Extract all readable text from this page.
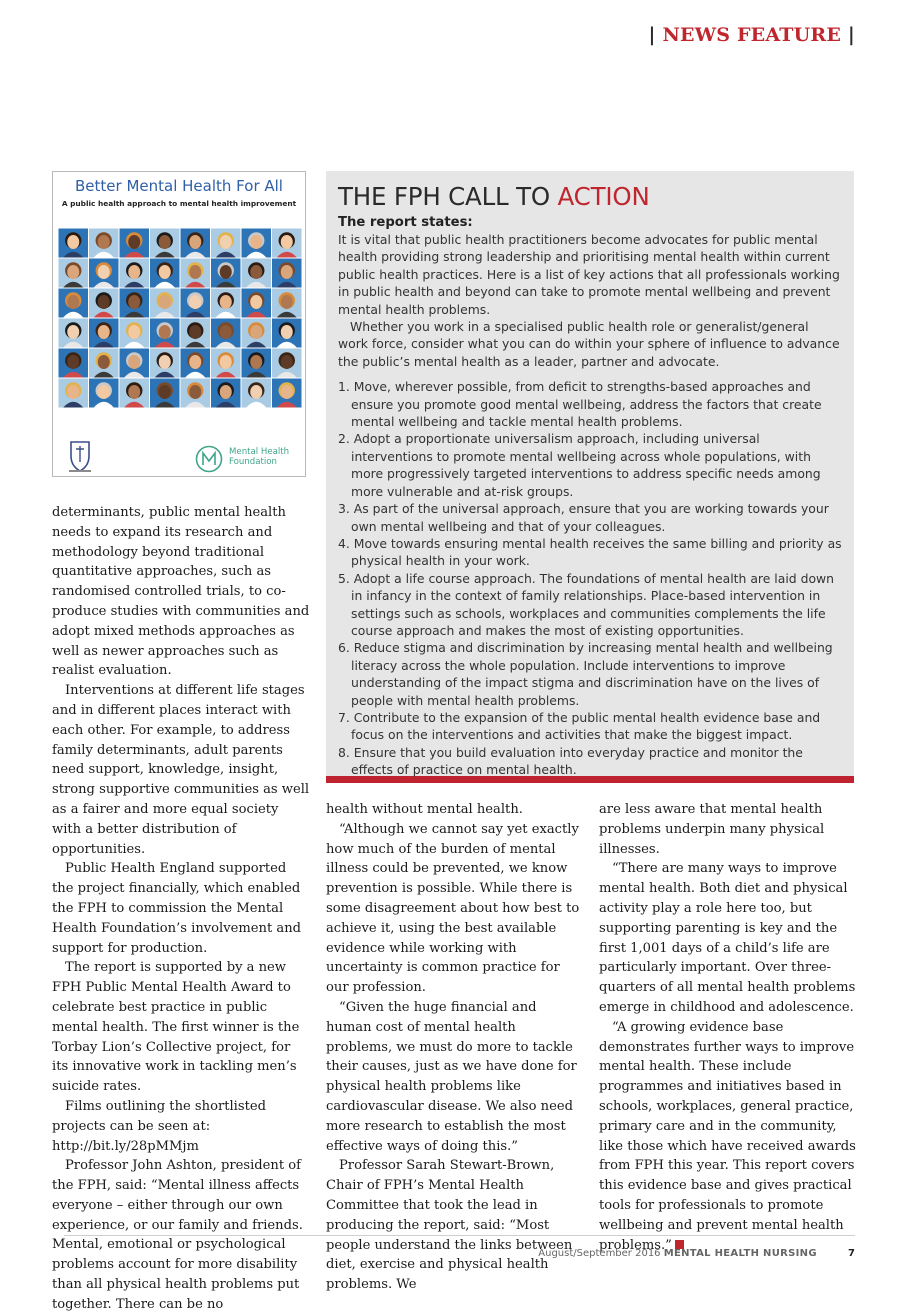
| NEWS FEATURE |
Better Mental Health For All
A public health approach to mental health improvement
Mental Health
Foundation
THE FPH CALL TO ACTION
The report states:

It is vital that public health practitioners become advocates for public mental health providing strong leadership and prioritising mental health within current public health practices. Here is a list of key actions that all professionals working in public health and beyond can take to promote mental wellbeing and prevent mental health problems.

Whether you work in a specialised public health role or generalist/general work force, consider what you can do within your sphere of influence to advance the public’s mental health as a leader, partner and advocate.

1. Move, wherever possible, from deficit to strengths-based approaches and ensure you promote good mental wellbeing, address the factors that create mental wellbeing and tackle mental health problems.
2. Adopt a proportionate universalism approach, including universal interventions to promote mental wellbeing across whole populations, with more progressively targeted interventions to address specific needs among more vulnerable and at-risk groups.
3. As part of the universal approach, ensure that you are working towards your own mental wellbeing and that of your colleagues.
4. Move towards ensuring mental health receives the same billing and priority as physical health in your work.
5. Adopt a life course approach. The foundations of mental health are laid down in infancy in the context of family relationships. Place-based intervention in settings such as schools, workplaces and communities complements the life course approach and makes the most of existing opportunities.
6. Reduce stigma and discrimination by increasing mental health and wellbeing literacy across the whole population. Include interventions to improve understanding of the impact stigma and discrimination have on the lives of people with mental health problems.
7. Contribute to the expansion of the public mental health evidence base and focus on the interventions and activities that make the biggest impact.
8. Ensure that you build evaluation into everyday practice and monitor the effects of practice on mental health.

determinants, public mental health needs to expand its research and methodology beyond traditional quantitative approaches, such as randomised controlled trials, to co-produce studies with communities and adopt mixed methods approaches as well as newer approaches such as realist evaluation.

Interventions at different life stages and in different places interact with each other. For example, to address family determinants, adult parents need support, knowledge, insight, strong supportive communities as well as a fairer and more equal society with a better distribution of opportunities.

Public Health England supported the project financially, which enabled the FPH to commission the Mental Health Foundation’s involvement and support for production.

The report is supported by a new FPH Public Mental Health Award to celebrate best practice in public mental health. The first winner is the Torbay Lion’s Collective project, for its innovative work in tackling men’s suicide rates.

Films outlining the shortlisted projects can be seen at: http://bit.ly/28pMMjm

Professor John Ashton, president of the FPH, said: “Mental illness affects everyone – either through our own experience, or our family and friends. Mental, emotional or psychological problems account for more disability than all physical health problems put together. There can be no

health without mental health.

“Although we cannot say yet exactly how much of the burden of mental illness could be prevented, we know prevention is possible. While there is some disagreement about how best to achieve it, using the best available evidence while working with uncertainty is common practice for our profession.

“Given the huge financial and human cost of mental health problems, we must do more to tackle their causes, just as we have done for physical health problems like cardiovascular disease. We also need more research to establish the most effective ways of doing this.”

Professor Sarah Stewart-Brown, Chair of FPH’s Mental Health Committee that took the lead in producing the report, said: “Most people understand the links between diet, exercise and physical health problems. We

are less aware that mental health problems underpin many physical illnesses.

“There are many ways to improve mental health. Both diet and physical activity play a role here too, but supporting parenting is key and the first 1,001 days of a child’s life are particularly important. Over three-quarters of all mental health problems emerge in childhood and adolescence.

“A growing evidence base demonstrates further ways to improve mental health. These include programmes and initiatives based in schools, workplaces, general practice, primary care and in the community, like those which have received awards from FPH this year. This report covers this evidence base and gives practical tools for professionals to promote wellbeing and prevent mental health problems.”

August/September 2016 MENTAL HEALTH NURSING	7
